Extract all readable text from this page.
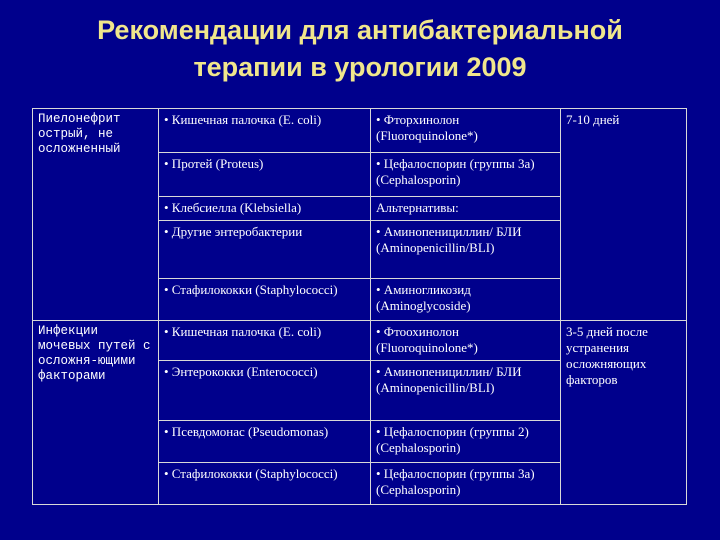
Рекомендации для антибактериальной
терапии в урологии 2009
Пиелонефрит острый, не осложненный	• Кишечная палочка (E. coli)	• Фторхинолон (Fluoroquinolone*)	7-10 дней
	• Протей (Proteus)	• Цефалоспорин (группы 3а) (Cephalosporin)	
	• Клебсиелла (Klebsiella)	Альтернативы:	
	• Другие энтеробактерии	• Аминопенициллин/ БЛИ (Aminopenicillin/BLI)	
	• Стафилококки (Staphylococci)	• Аминогликозид (Aminoglycoside)	
Инфекции мочевых путей с осложня-ющими факторами	• Кишечная палочка (E. coli)	• Фтоохинолон (Fluoroquinolone*)	3-5 дней после устранения осложняющих факторов
	• Энтерококки (Enterococci)	• Аминопенициллин/ БЛИ (Aminopenicillin/BLI)	
	• Псевдомонас (Pseudomonas)	• Цефалоспорин (группы 2) (Cephalosporin)	
	• Стафилококки (Staphylococci)	• Цефалоспорин (группы 3а) (Cephalosporin)	
